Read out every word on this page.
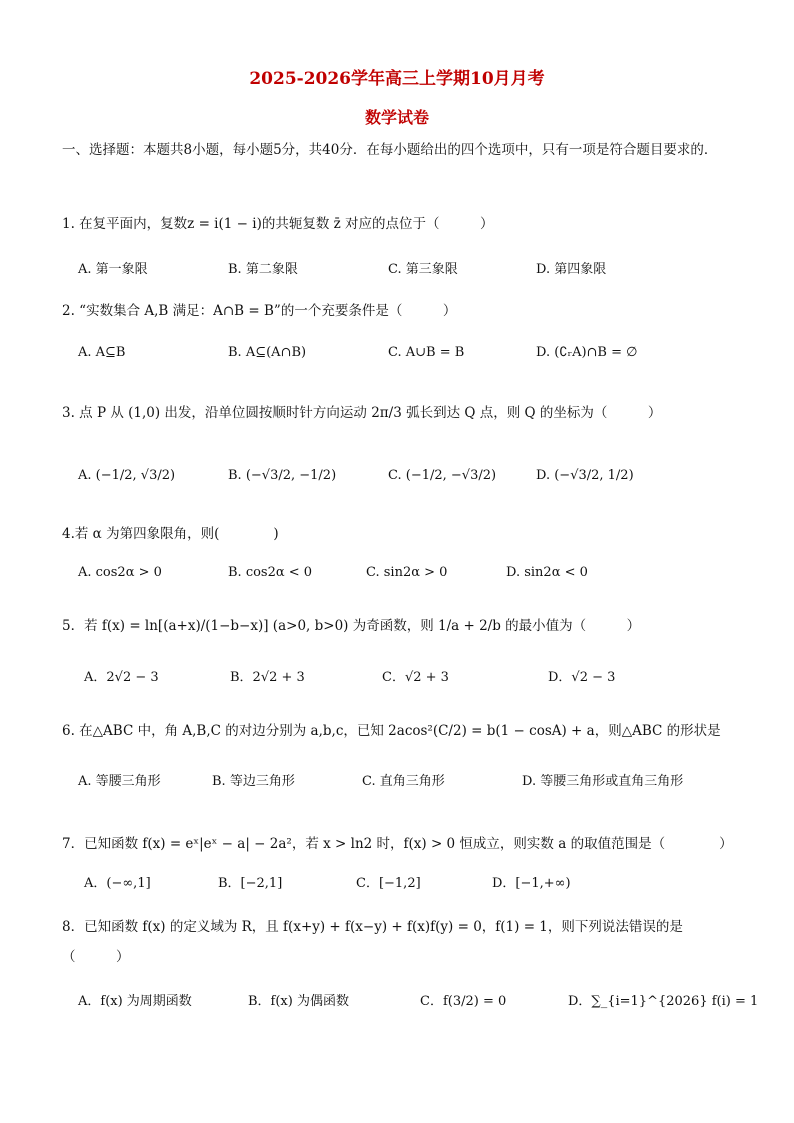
2025-2026学年高三上学期10月月考
数学试卷
一、选择题：本题共8小题，每小题5分，共40分．在每小题给出的四个选项中，只有一项是符合题目要求的．
1. 在复平面内，复数z = i(1 − i)的共轭复数 z̄ 对应的点位于（　　　）
A. 第一象限	B. 第二象限	C. 第三象限	D. 第四象限
2. “实数集合 A,B 满足：A∩B = B”的一个充要条件是（　　　）
A. A⊆B	B. A⊆(A∩B)	C. A∪B = B	D. (∁ᵣA)∩B = ∅
3. 点 P 从 (1,0) 出发，沿单位圆按顺时针方向运动 2π/3 弧长到达 Q 点，则 Q 的坐标为（　　　）
A. (−1/2, √3/2)	B. (−√3/2, −1/2)	C. (−1/2, −√3/2)	D. (−√3/2, 1/2)
4.若 α 为第四象限角，则(　　　　)
A. cos2α > 0	B. cos2α < 0	C. sin2α > 0	D. sin2α < 0
5．若 f(x) = ln[(a+x)/(1−b−x)] (a>0, b>0) 为奇函数，则 1/a + 2/b 的最小值为（　　　）
A．2√2 − 3	B．2√2 + 3	C．√2 + 3	D．√2 − 3
6. 在△ABC 中，角 A,B,C 的对边分别为 a,b,c，已知 2acos²(C/2) = b(1 − cosA) + a，则△ABC 的形状是
A. 等腰三角形	B. 等边三角形	C. 直角三角形	D. 等腰三角形或直角三角形
7．已知函数 f(x) = eˣ|eˣ − a| − 2a²，若 x > ln2 时，f(x) > 0 恒成立，则实数 a 的取值范围是（　　　　）
A．(−∞,1]	B．[−2,1]	C．[−1,2]	D．[−1,+∞)
8．已知函数 f(x) 的定义域为 R，且 f(x+y) + f(x−y) + f(x)f(y) = 0，f(1) = 1，则下列说法错误的是（　　　）
A．f(x) 为周期函数	B．f(x) 为偶函数	C．f(3/2) = 0	D．∑_{i=1}^{2026} f(i) = 1
